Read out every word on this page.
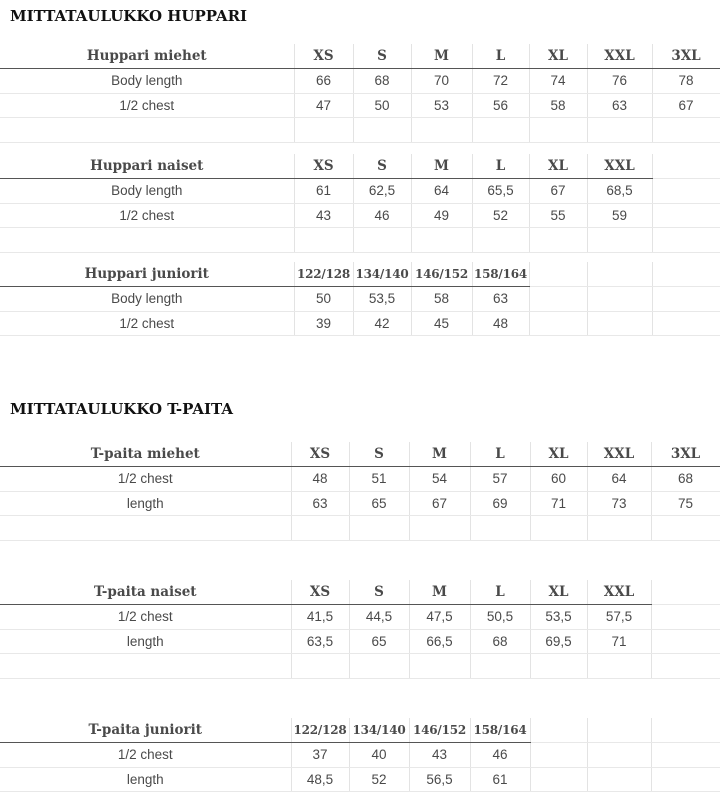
MITTATAULUKKO HUPPARI
Huppari miehet	XS	S	M	L	XL	XXL	3XL
Body length	66	68	70	72	74	76	78
1/2 chest	47	50	53	56	58	63	67

Huppari naiset	XS	S	M	L	XL	XXL	
Body length	61	62,5	64	65,5	67	68,5	
1/2 chest	43	46	49	52	55	59	

Huppari juniorit	122/128	134/140	146/152	158/164			
Body length	50	53,5	58	63			
1/2 chest	39	42	45	48			
MITTATAULUKKO T-PAITA
T-paita miehet	XS	S	M	L	XL	XXL	3XL
1/2 chest	48	51	54	57	60	64	68
length	63	65	67	69	71	73	75

T-paita naiset	XS	S	M	L	XL	XXL	
1/2 chest	41,5	44,5	47,5	50,5	53,5	57,5	
length	63,5	65	66,5	68	69,5	71	

T-paita juniorit	122/128	134/140	146/152	158/164			
1/2 chest	37	40	43	46			
length	48,5	52	56,5	61			
